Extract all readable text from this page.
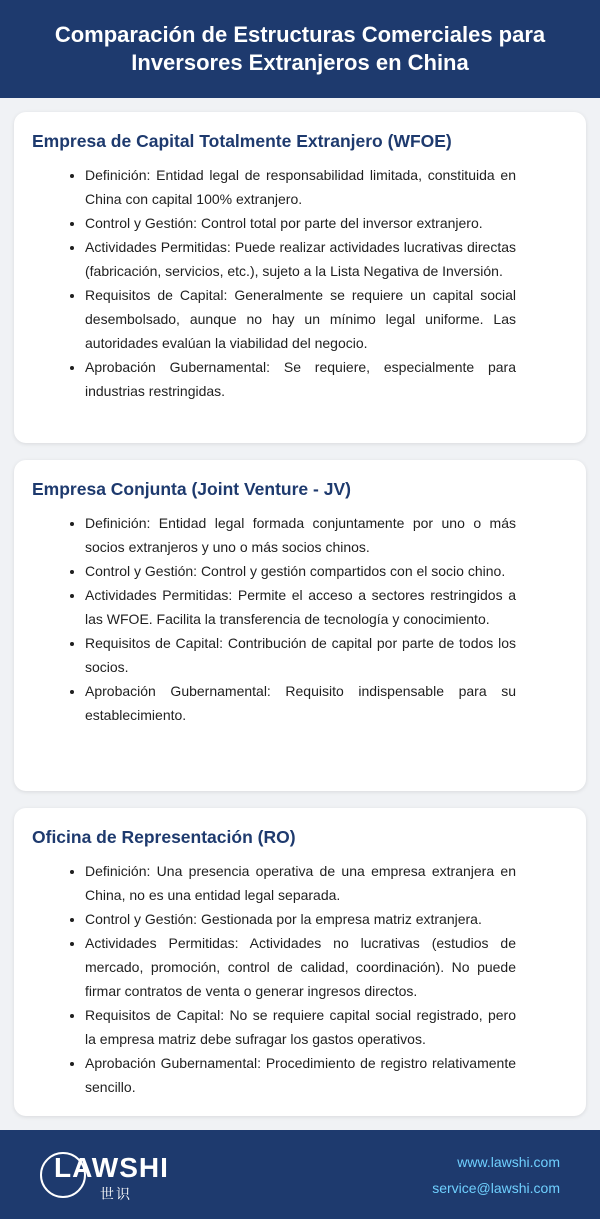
Comparación de Estructuras Comerciales para Inversores Extranjeros en China
Empresa de Capital Totalmente Extranjero (WFOE)
• Definición: Entidad legal de responsabilidad limitada, constituida en China con capital 100% extranjero.
• Control y Gestión: Control total por parte del inversor extranjero.
• Actividades Permitidas: Puede realizar actividades lucrativas directas (fabricación, servicios, etc.), sujeto a la Lista Negativa de Inversión.
• Requisitos de Capital: Generalmente se requiere un capital social desembolsado, aunque no hay un mínimo legal uniforme. Las autoridades evalúan la viabilidad del negocio.
• Aprobación Gubernamental: Se requiere, especialmente para industrias restringidas.
Empresa Conjunta (Joint Venture - JV)
• Definición: Entidad legal formada conjuntamente por uno o más socios extranjeros y uno o más socios chinos.
• Control y Gestión: Control y gestión compartidos con el socio chino.
• Actividades Permitidas: Permite el acceso a sectores restringidos a las WFOE. Facilita la transferencia de tecnología y conocimiento.
• Requisitos de Capital: Contribución de capital por parte de todos los socios.
• Aprobación Gubernamental: Requisito indispensable para su establecimiento.
Oficina de Representación (RO)
• Definición: Una presencia operativa de una empresa extranjera en China, no es una entidad legal separada.
• Control y Gestión: Gestionada por la empresa matriz extranjera.
• Actividades Permitidas: Actividades no lucrativas (estudios de mercado, promoción, control de calidad, coordinación). No puede firmar contratos de venta o generar ingresos directos.
• Requisitos de Capital: No se requiere capital social registrado, pero la empresa matriz debe sufragar los gastos operativos.
• Aprobación Gubernamental: Procedimiento de registro relativamente sencillo.
LAWSHI
世识
www.lawshi.com
service@lawshi.com
